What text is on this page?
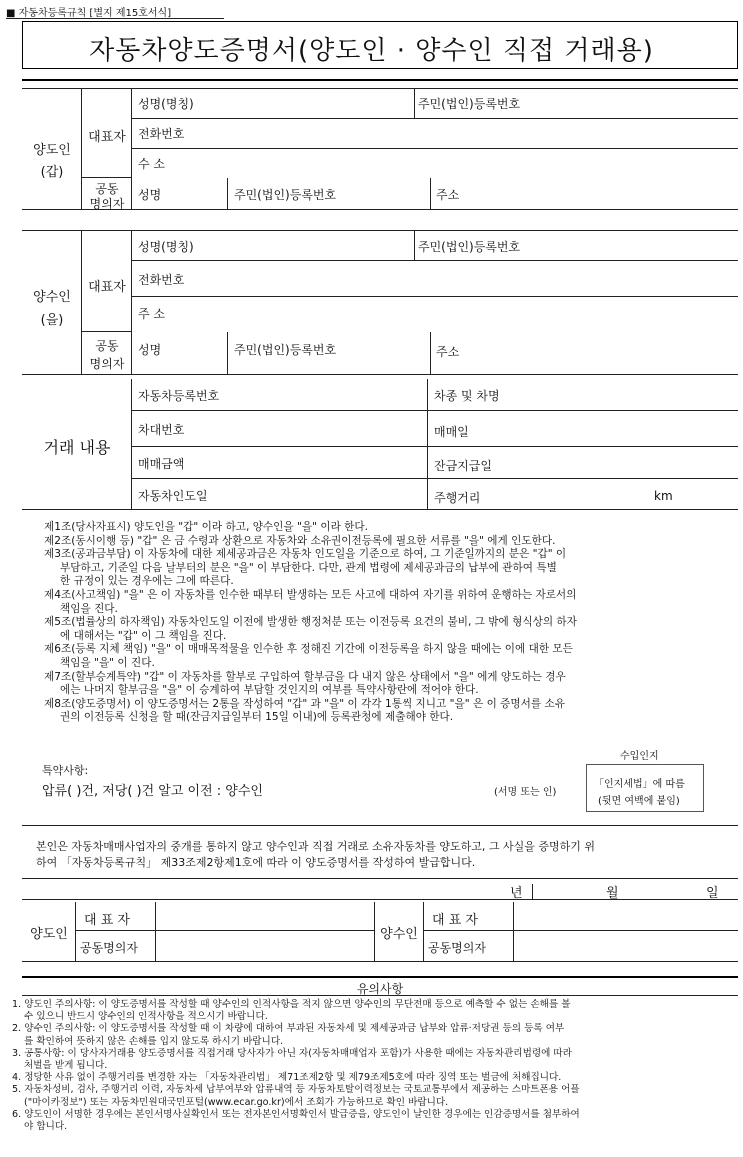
■ 자동차등록규칙 [별지 제15호서식]
자동차양도증명서(양도인 · 양수인 직접 거래용)
양도인
(갑)
대표자
성명(명칭)	주민(법인)등록번호
전화번호
수 소
공동
명의자
성명	주민(법인)등록번호	주소
양수인
(을)
대표자
성명(명칭)	주민(법인)등록번호
전화번호
주 소
공동
명의자
성명	주민(법인)등록번호	주소
거래 내용
자동차등록번호	차종 및 차명
차대번호	매매일
매매금액	잔금지급일
자동차인도일	주행거리	km

제1조(당사자표시) 양도인을 "갑" 이라 하고, 양수인을 "을" 이라 한다.

제2조(동시이행 등) "갑" 은 금 수령과 상환으로 자동차와 소유권이전등록에 필요한 서류를 "을" 에게 인도한다.

제3조(공과금부담) 이 자동차에 대한 제세공과금은 자동차 인도일을 기준으로 하여, 그 기준일까지의 분은 "갑" 이

부담하고, 기준일 다음 날부터의 분은 "을" 이 부담한다. 다만, 관계 법령에 제세공과금의 납부에 관하여 특별

한 규정이 있는 경우에는 그에 따른다.

제4조(사고책임) "을" 은 이 자동차를 인수한 때부터 발생하는 모든 사고에 대하여 자기를 위하여 운행하는 자로서의

책임을 진다.

제5조(법률상의 하자책임) 자동차인도일 이전에 발생한 행정처분 또는 이전등록 요건의 불비, 그 밖에 형식상의 하자

에 대해서는 "갑" 이 그 책임을 진다.

제6조(등록 지체 책임) "을" 이 매매목적물을 인수한 후 정해진 기간에 이전등록을 하지 않을 때에는 이에 대한 모든

책임을 "을" 이 진다.

제7조(할부승계특약) "갑" 이 자동차를 할부로 구입하여 할부금을 다 내지 않은 상태에서 "을" 에게 양도하는 경우

에는 나머지 할부금을 "을" 이 승계하여 부담할 것인지의 여부를 특약사항란에 적어야 한다.

제8조(양도증명서) 이 양도증명서는 2통을 작성하여 "갑" 과 "을" 이 각각 1통씩 지니고 "을" 은 이 증명서를 소유

권의 이전등록 신청을 할 때(잔금지급일부터 15일 이내)에 등록관청에 제출해야 한다.

수입인지
「인지세법」에 따름
(뒷면 여백에 붙임)
특약사항:
압류( )건, 저당( )건 알고 이전 : 양수인	(서명 또는 인)
본인은 자동차매매사업자의 중개를 통하지 않고 양수인과 직접 거래로 소유자동차를 양도하고, 그 사실을 증명하기 위
하여 「자동차등록규칙」 제33조제2항제1호에 따라 이 양도증명서를 작성하여 발급합니다.
년	월	일
양도인
대 표 자
공동명의자
양수인
대 표 자
공동명의자
유의사항

1. 양도인 주의사항: 이 양도증명서를 작성할 때 양수인의 인적사항을 적지 않으면 양수인의 무단전매 등으로 예측할 수 없는 손해를 볼

수 있으니 반드시 양수인의 인적사항을 적으시기 바랍니다.

2. 양수인 주의사항: 이 양도증명서를 작성할 때 이 차량에 대하여 부과된 자동차세 및 제세공과금 납부와 압류·저당권 등의 등록 여부

를 확인하여 뜻하지 않은 손해를 입지 않도록 하시기 바랍니다.

3. 공통사항: 이 당사자거래용 양도증명서를 직접거래 당사자가 아닌 자(자동차매매업자 포함)가 사용한 때에는 자동차관리법령에 따라

처벌을 받게 됩니다.

4. 정당한 사유 없이 주행거리를 변경한 자는 「자동차관리법」 제71조제2항 및 제79조제5호에 따라 징역 또는 벌금에 처해집니다.

5. 자동차성비, 검사, 주행거리 이력, 자동차세 납부여부와 압류내역 등 자동차토탈이력정보는 국토교통부에서 제공하는 스마트폰용 어플

("마이카정보") 또는 자동차민원대국민포털(www.ecar.go.kr)에서 조회가 가능하므로 확인 바랍니다.

6. 양도인이 서명한 경우에는 본인서명사실확인서 또는 전자본인서명확인서 발급증을, 양도인이 날인한 경우에는 인감증명서를 첨부하여

야 합니다.
